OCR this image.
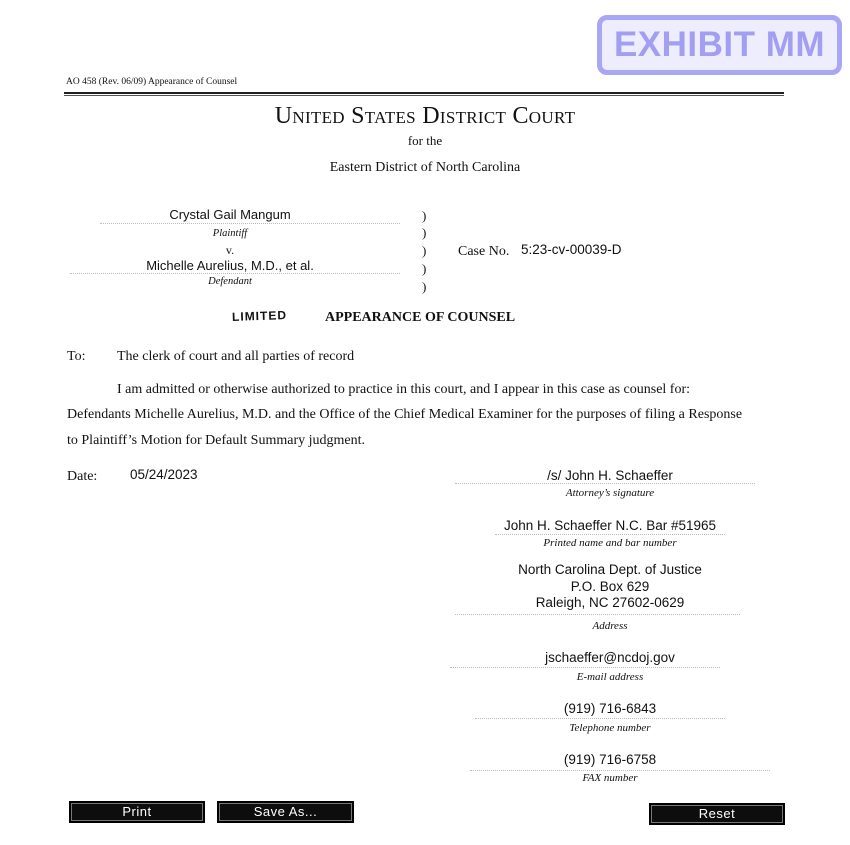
EXHIBIT MM
AO 458 (Rev. 06/09) Appearance of Counsel
United States District Court
for the
Eastern District of North Carolina
Crystal Gail Mangum
Plaintiff
v.
Michelle Aurelius, M.D., et al.
Defendant
)
)
)
)
)
Case No. 5:23-cv-00039-D
LIMITED	APPEARANCE OF COUNSEL
To: The clerk of court and all parties of record
I am admitted or otherwise authorized to practice in this court, and I appear in this case as counsel for:
Defendants Michelle Aurelius, M.D. and the Office of the Chief Medical Examiner for the purposes of filing a Response
to Plaintiff’s Motion for Default Summary judgment.
Date: 05/24/2023	/s/ John H. Schaeffer
Attorney’s signature
John H. Schaeffer N.C. Bar #51965
Printed name and bar number
North Carolina Dept. of Justice
P.O. Box 629
Raleigh, NC 27602-0629
Address
jschaeffer@ncdoj.gov
E-mail address
(919) 716-6843
Telephone number
(919) 716-6758
FAX number
Print	Save As...	Reset
